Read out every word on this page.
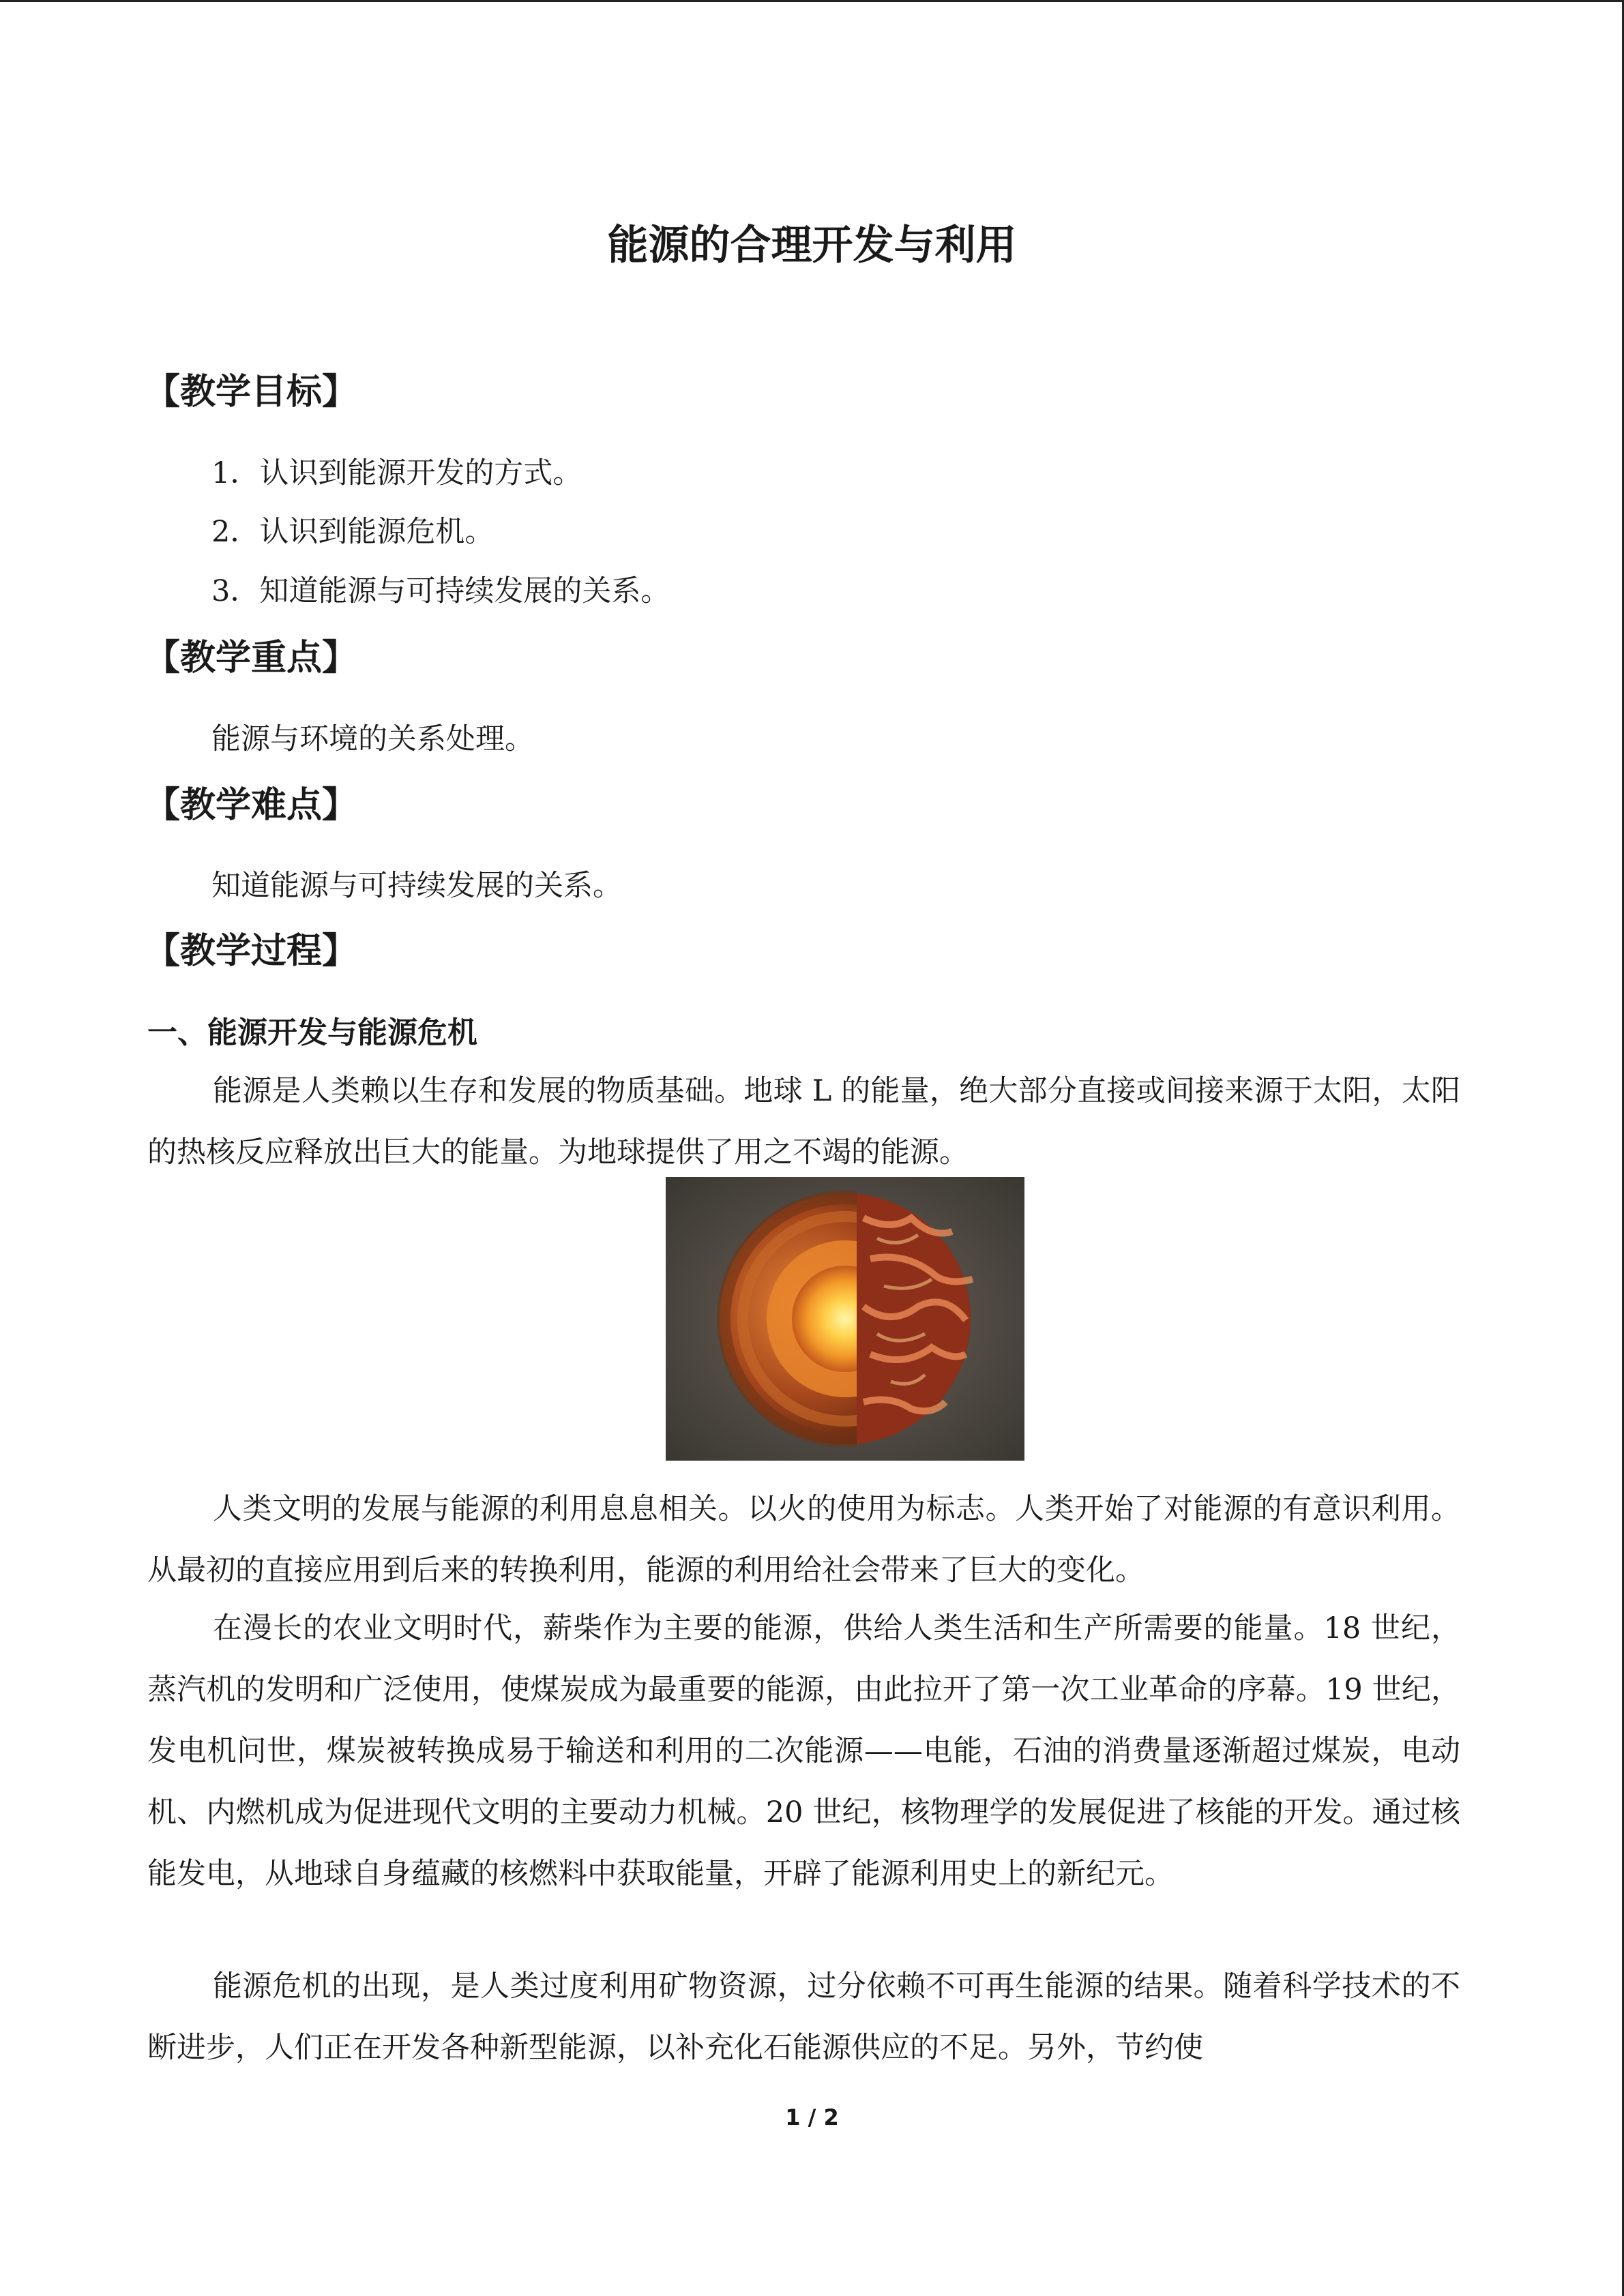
能源的合理开发与利用
【教学目标】
1．认识到能源开发的方式。
2．认识到能源危机。
3．知道能源与可持续发展的关系。
【教学重点】
能源与环境的关系处理。
【教学难点】
知道能源与可持续发展的关系。
【教学过程】
一、能源开发与能源危机
能源是人类赖以生存和发展的物质基础。地球 L 的能量，绝大部分直接或间接来源于太阳，太阳的热核反应释放出巨大的能量。为地球提供了用之不竭的能源。
人类文明的发展与能源的利用息息相关。以火的使用为标志。人类开始了对能源的有意识利用。从最初的直接应用到后来的转换利用，能源的利用给社会带来了巨大的变化。
在漫长的农业文明时代，薪柴作为主要的能源，供给人类生活和生产所需要的能量。18 世纪，蒸汽机的发明和广泛使用，使煤炭成为最重要的能源，由此拉开了第一次工业革命的序幕。19 世纪，发电机问世，煤炭被转换成易于输送和利用的二次能源——电能，石油的消费量逐渐超过煤炭，电动机、内燃机成为促进现代文明的主要动力机械。20 世纪，核物理学的发展促进了核能的开发。通过核能发电，从地球自身蕴藏的核燃料中获取能量，开辟了能源利用史上的新纪元。
能源危机的出现，是人类过度利用矿物资源，过分依赖不可再生能源的结果。随着科学技术的不断进步，人们正在开发各种新型能源，以补充化石能源供应的不足。另外，节约使
1 / 2
